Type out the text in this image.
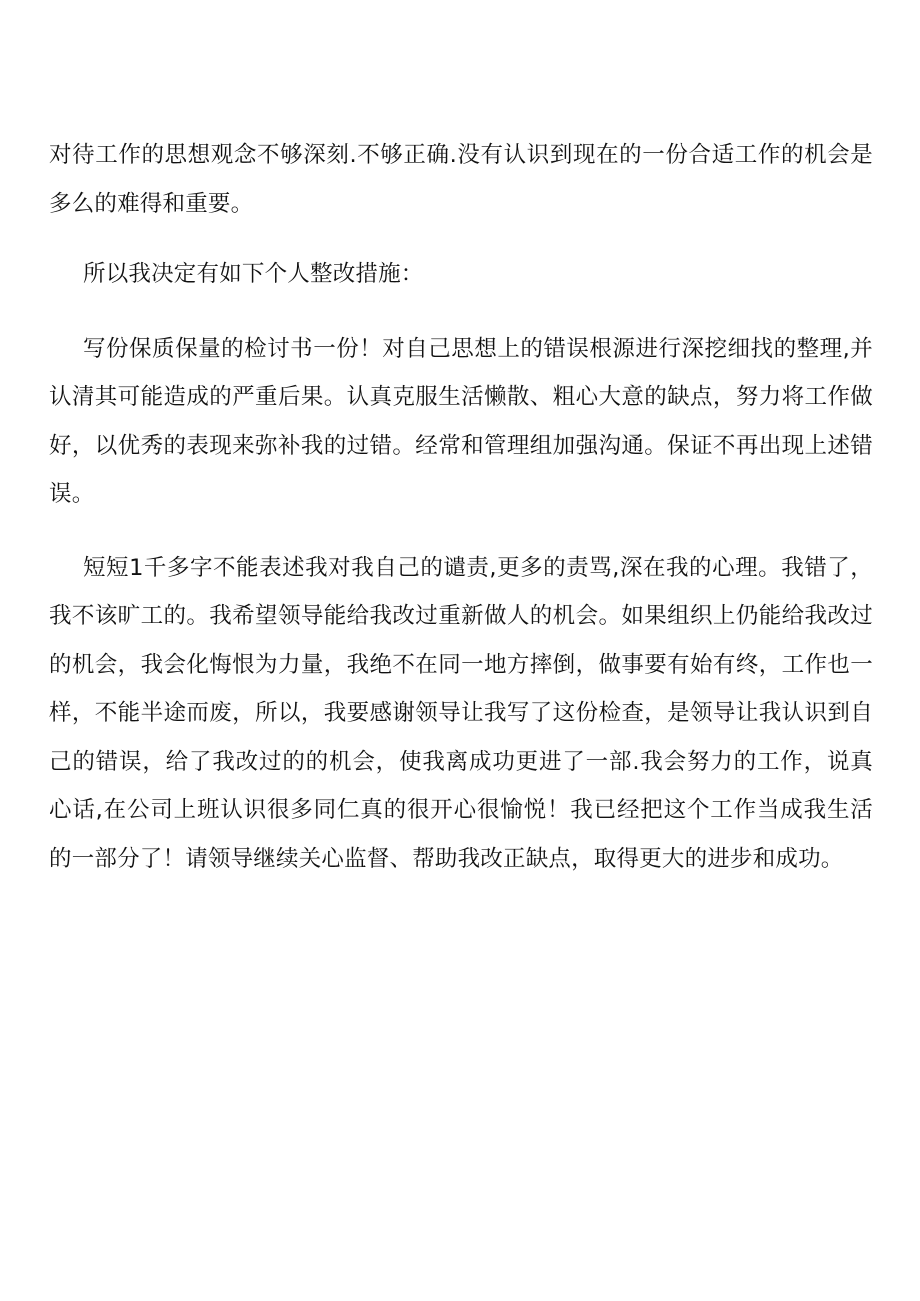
对待工作的思想观念不够深刻.不够正确.没有认识到现在的一份合适工作的机会是多么的难得和重要。

所以我决定有如下个人整改措施：

写份保质保量的检讨书一份！对自己思想上的错误根源进行深挖细找的整理,并认清其可能造成的严重后果。认真克服生活懒散、粗心大意的缺点，努力将工作做好，以优秀的表现来弥补我的过错。经常和管理组加强沟通。保证不再出现上述错误。

短短1千多字不能表述我对我自己的谴责,更多的责骂,深在我的心理。我错了，我不该旷工的。我希望领导能给我改过重新做人的机会。如果组织上仍能给我改过的机会，我会化悔恨为力量，我绝不在同一地方摔倒，做事要有始有终，工作也一样，不能半途而废，所以，我要感谢领导让我写了这份检查，是领导让我认识到自己的错误，给了我改过的的机会，使我离成功更进了一部.我会努力的工作，说真心话,在公司上班认识很多同仁真的很开心很愉悦！我已经把这个工作当成我生活的一部分了！请领导继续关心监督、帮助我改正缺点，取得更大的进步和成功。
